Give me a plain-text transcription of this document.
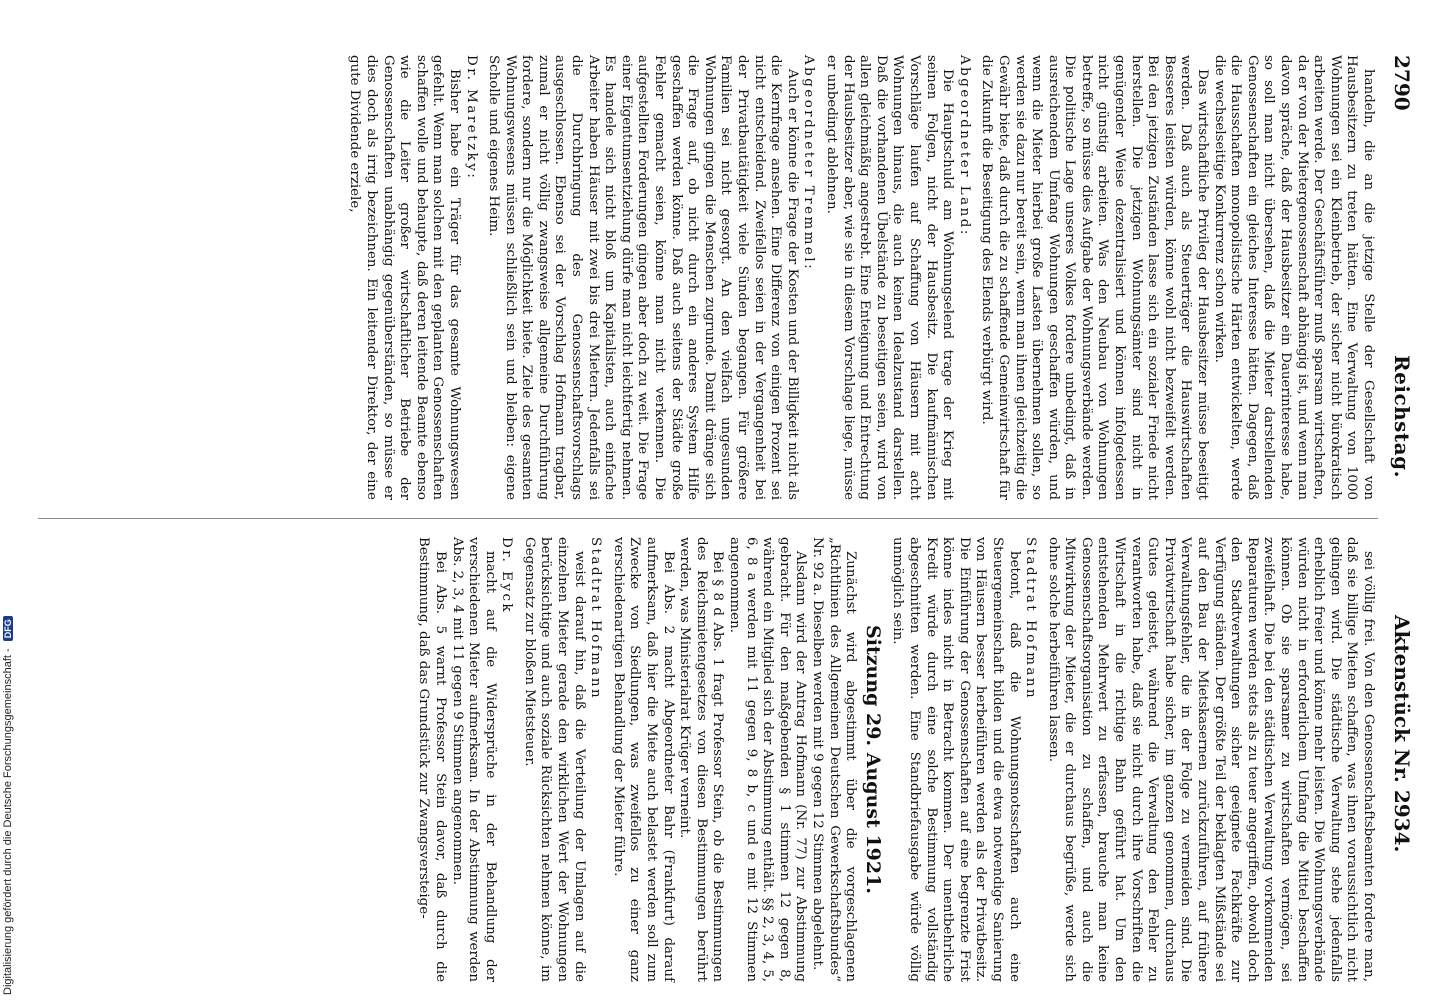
2790
Reichstag.
Aktenstück Nr. 2934.

handeln, die an die jetzige Stelle der Gesellschaft von Hausbesitzern zu treten hätten. Eine Verwaltung von 1000 Wohnungen sei ein Kleinbetrieb, der sicher nicht bürokratisch arbeiten werde. Der Geschäftsführer muß sparsam wirtschaften, da er von der Mietergenossenschaft abhängig ist, und wenn man davon spräche, daß der Hausbesitzer ein Dauerinteresse habe, so soll man nicht übersehen, daß die Mieter darstellenden Genossenschaften ein gleiches Interesse hätten. Dagegen, daß die Hausschaften monopolistische Härten entwickelten, werde die wechselseitige Konkurrenz schon wirken.

Das wirtschaftliche Privileg der Hausbesitzer müsse beseitigt werden. Daß auch als Steuerträger die Hauswirtschaften Besseres leisten würden, könne wohl nicht bezweifelt werden. Bei den jetzigen Zuständen lasse sich ein sozialer Friede nicht herstellen. Die jetzigen Wohnungsämter sind nicht in genügender Weise dezentralisiert und können infolgedessen nicht günstig arbeiten. Was den Neubau von Wohnungen betreffe, so müsse dies Aufgabe der Wohnungsverbände werden. Die politische Lage unseres Volkes fordere unbedingt, daß in ausreichendem Umfang Wohnungen geschaffen würden, und wenn die Mieter hierbei große Lasten übernehmen sollen, so werden sie dazu nur bereit sein, wenn man ihnen gleichzeitig die Gewähr biete, daß durch die zu schaffende Gemeinwirtschaft für die Zukunft die Beseitigung des Elends verbürgt wird.

Abgeordneter Land:

Die Hauptschuld am Wohnungselend trage der Krieg mit seinen Folgen, nicht der Hausbesitz. Die kaufmännischen Vorschläge laufen auf Schaffung von Häusern mit acht Wohnungen hinaus, die auch keinen Idealzustand darstellen. Daß die vorhandenen Übelstände zu beseitigen seien, wird von allen gleichmäßig angestrebt. Eine Enteignung und Entrechtung der Hausbesitzer aber, wie sie in diesem Vorschlage liege, müsse er unbedingt ablehnen.

Abgeordneter Tremmel:

Auch er könne die Frage der Kosten und der Billigkeit nicht als die Kernfrage ansehen. Eine Differenz von einigen Prozent sei nicht entscheidend. Zweifellos seien in der Vergangenheit bei der Privatbautätigkeit viele Sünden begangen. Für größere Familien sei nicht gesorgt. An den vielfach ungesunden Wohnungen gingen die Menschen zugrunde. Damit dränge sich die Frage auf, ob nicht durch ein anderes System Hilfe geschaffen werden könne. Daß auch seitens der Städte große Fehler gemacht seien, könne man nicht verkennen. Die aufgestellten Forderungen gingen aber doch zu weit. Die Frage einer Eigentumsentziehung dürfe man nicht leichtfertig nehmen. Es handele sich nicht bloß um Kapitalisten, auch einfache Arbeiter haben Häuser mit zwei bis drei Mietern. Jedenfalls sei die Durchbringung des Genossenschaftsvorschlags ausgeschlossen. Ebenso sei der Vorschlag Hofmann tragbar, zumal er nicht völlig zwangsweise allgemeine Durchführung fordere, sondern nur die Möglichkeit biete. Ziele des gesamten Wohnungswesens müssen schließlich sein und bleiben: eigene Scholle und eigenes Heim.

Dr. Maretzky:

Bisher habe ein Träger für das gesamte Wohnungswesen gefehlt. Wenn man solchen mit den geplanten Genossenschaften schaffen wolle und behaupte, daß deren leitende Beamte ebenso wie die Leiter großer wirtschaftlicher Betriebe der Genossenschaften unabhängig gegenüberständen, so müsse er dies doch als irrig bezeichnen. Ein leitender Direktor, der eine gute Dividende erziele,

sei völlig frei. Von den Genossenschaftsbeamten fordere man, daß sie billige Mieten schaffen, was ihnen voraussichtlich nicht gelingen wird. Die städtische Verwaltung stehe jedenfalls erheblich freier und könne mehr leisten. Die Wohnungsverbände würden nicht in erforderlichem Umfang die Mittel beschaffen können. Ob sie sparsamer zu wirtschaften vermögen, sei zweifelhaft. Die bei den städtischen Verwaltung vorkommenden Reparaturen werden stets als zu teuer angegriffen, obwohl doch den Stadtverwaltungen sicher geeignete Fachkräfte zur Verfügung ständen. Der größte Teil der beklagten Mißstände sei auf den Bau der Mietskasernen zurückzuführen, auf frühere Verwaltungsfehler, die in der Folge zu vermeiden sind. Die Privatwirtschaft habe sicher, im ganzen genommen, durchaus Gutes geleistet, während die Verwaltung den Fehler zu verantworten habe, daß sie nicht durch ihre Vorschriften die Wirtschaft in die richtige Bahn geführt hat. Um den entstehenden Mehrwert zu erfassen, brauche man keine Genossenschaftsorganisation zu schaffen, und auch die Mitwirkung der Mieter, die er durchaus begrüße, werde sich ohne solche herbeiführen lassen.

Stadtrat Hofmann

betont, daß die Wohnungsnotsschaften auch eine Steuergemeinschaft bilden und die etwa notwendige Sanierung von Häusern besser herbeiführen werden als der Privatbesitz. Die Einführung der Genossenschaften auf eine begrenzte Frist könne indes nicht in Betracht kommen. Der unentbehrliche Kredit würde durch eine solche Bestimmung vollständig abgeschnitten werden. Eine Standbriefausgabe würde völlig unmöglich sein.

Sitzung 29. August 1921.

Zunächst wird abgestimmt über die vorgeschlagenen „Richtlinien des Allgemeinen Deutschen Gewerkschaftsbundes“ Nr. 92 a. Dieselben werden mit 9 gegen 12 Stimmen abgelehnt.

Alsdann wird der Antrag Hofmann (Nr. 77) zur Abstimmung gebracht. Für den maßgebenden § 1 stimmen 12 gegen 8, während ein Mitglied sich der Abstimmung enthält. §§ 2, 3, 4, 5, 6, 8 a werden mit 11 gegen 9, 8 b, c und e mit 12 Stimmen angenommen.

Bei § 8 d Abs. 1 fragt Professor Stein, ob die Bestimmungen des Reichsmietengesetzes von diesen Bestimmungen berührt werden, was Ministerialrat Krüger verneint.

Bei Abs. 2 macht Abgeordneter Bahr (Frankfurt) darauf aufmerksam, daß hier die Miete auch belastet werden soll zum Zwecke von Siedlungen, was zweifellos zu einer ganz verschiedenartigen Behandlung der Mieter führe.

Stadtrat Hofmann

weist darauf hin, daß die Verteilung der Umlagen auf die einzelnen Mieter gerade den wirklichen Wert der Wohnungen berücksichtige und auch soziale Rücksichten nehmen könne, im Gegensatz zur bloßen Mietsteuer.

Dr. Eyck

macht auf die Widersprüche in der Behandlung der verschiedenen Mieter aufmerksam. In der Abstimmung werden Abs. 2, 3, 4 mit 11 gegen 9 Stimmen angenommen.

Bei Abs. 5 warnt Professor Stein davor, daß durch die Bestimmung, daß das Grundstück zur Zwangsversteige-

Digitalisierung gefördert durch die Deutsche Forschungsgemeinschaft - DFG
